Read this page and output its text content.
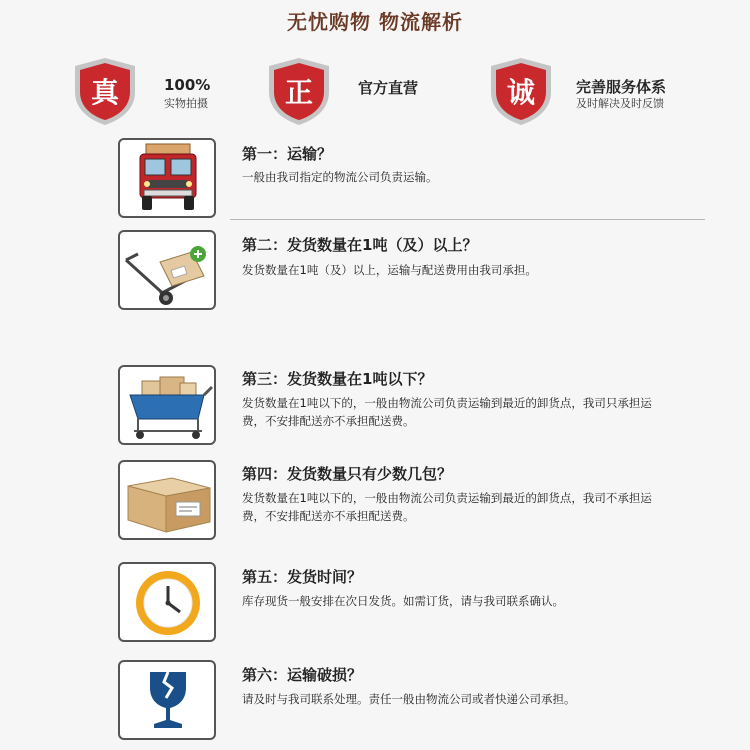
无忧购物 物流解析
真	100%
实物拍摄	正	官方直营	诚	完善服务体系
及时解决及时反馈
第一：运输？
一般由我司指定的物流公司负责运输。
第二：发货数量在1吨（及）以上？
发货数量在1吨（及）以上，运输与配送费用由我司承担。
第三：发货数量在1吨以下？
发货数量在1吨以下的，一般由物流公司负责运输到最近的卸货点，我司只承担运费，不安排配送亦不承担配送费。
第四：发货数量只有少数几包？
发货数量在1吨以下的，一般由物流公司负责运输到最近的卸货点，我司不承担运费，不安排配送亦不承担配送费。
第五：发货时间？
库存现货一般安排在次日发货。如需订货，请与我司联系确认。
第六：运输破损？
请及时与我司联系处理。责任一般由物流公司或者快递公司承担。
